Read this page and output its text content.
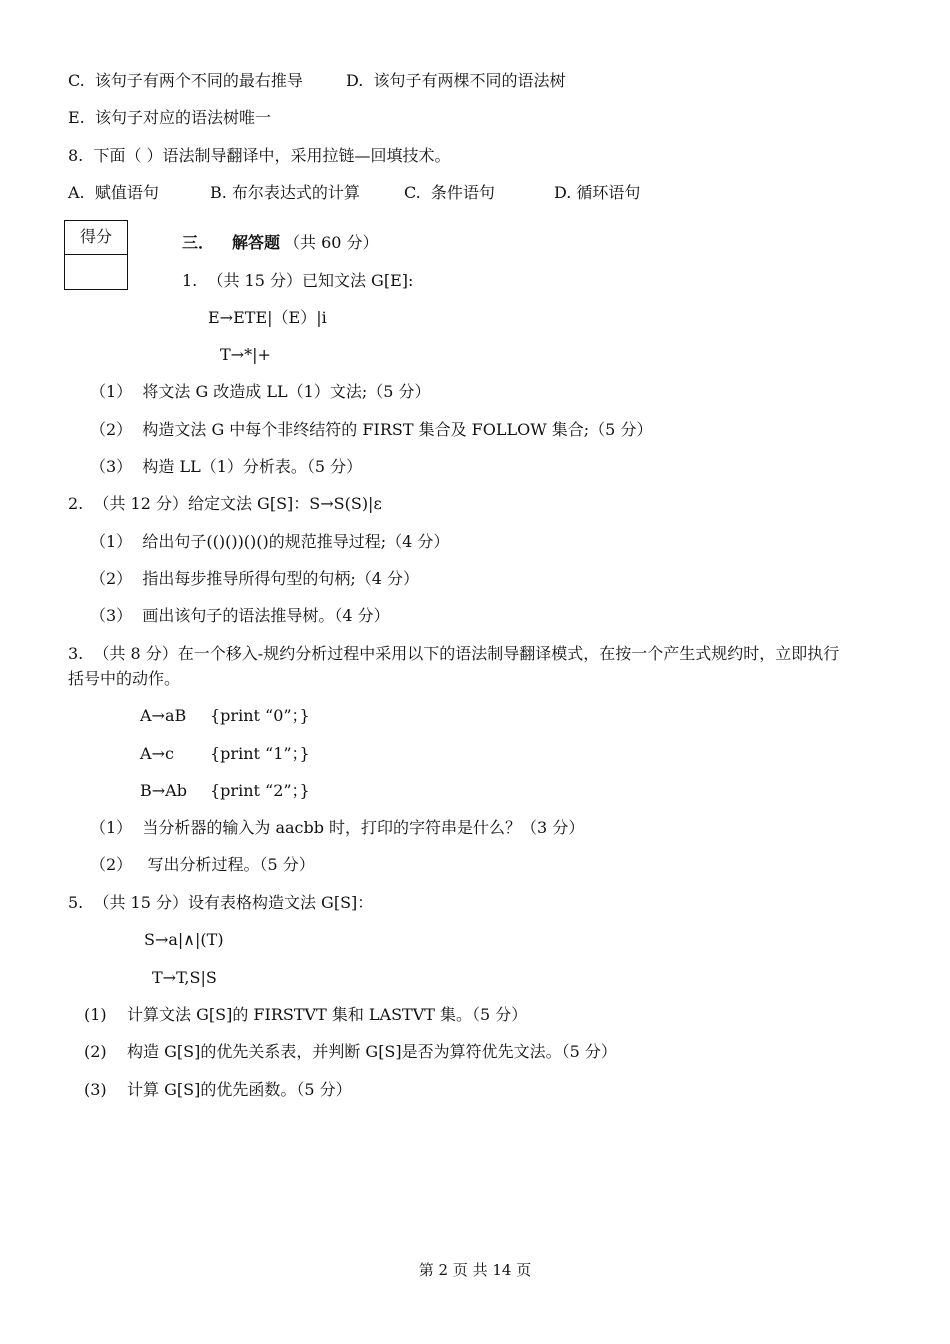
C.  该句子有两个不同的最右推导	D.  该句子有两棵不同的语法树
E.  该句子对应的语法树唯一
8.  下面（ ）语法制导翻译中，采用拉链—回填技术。
A.  赋值语句	B. 布尔表达式的计算	C.  条件语句	D. 循环语句
得分	三． 解答题 （共 60 分）
1.  （共 15 分）已知文法 G[E]:
E→ETE|（E）|i
T→*|+
（1）  将文法 G 改造成 LL（1）文法;（5 分）
（2）  构造文法 G 中每个非终结符的 FIRST 集合及 FOLLOW 集合;（5 分）
（3）  构造 LL（1）分析表。（5 分）
2.  （共 12 分）给定文法 G[S]：S→S(S)|ε
（1）  给出句子(()())()()的规范推导过程;（4 分）
（2）  指出每步推导所得句型的句柄;（4 分）
（3）  画出该句子的语法推导树。（4 分）
3.  （共 8 分）在一个移入-规约分析过程中采用以下的语法制导翻译模式，在按一个产生式规约时，立即执行
括号中的动作。
A→aB {print “0”；}
A→c {print “1”；}
B→Ab {print “2”；}
（1）  当分析器的输入为 aacbb 时，打印的字符串是什么？（3 分）
（2）   写出分析过程。（5 分）
5.  （共 15 分）设有表格构造文法 G[S]：
S→a|∧|(T)
T→T,S|S
(1)    计算文法 G[S]的 FIRSTVT 集和 LASTVT 集。（5 分）
(2)    构造 G[S]的优先关系表，并判断 G[S]是否为算符优先文法。（5 分）
(3)    计算 G[S]的优先函数。（5 分）
第 2 页 共 14 页
